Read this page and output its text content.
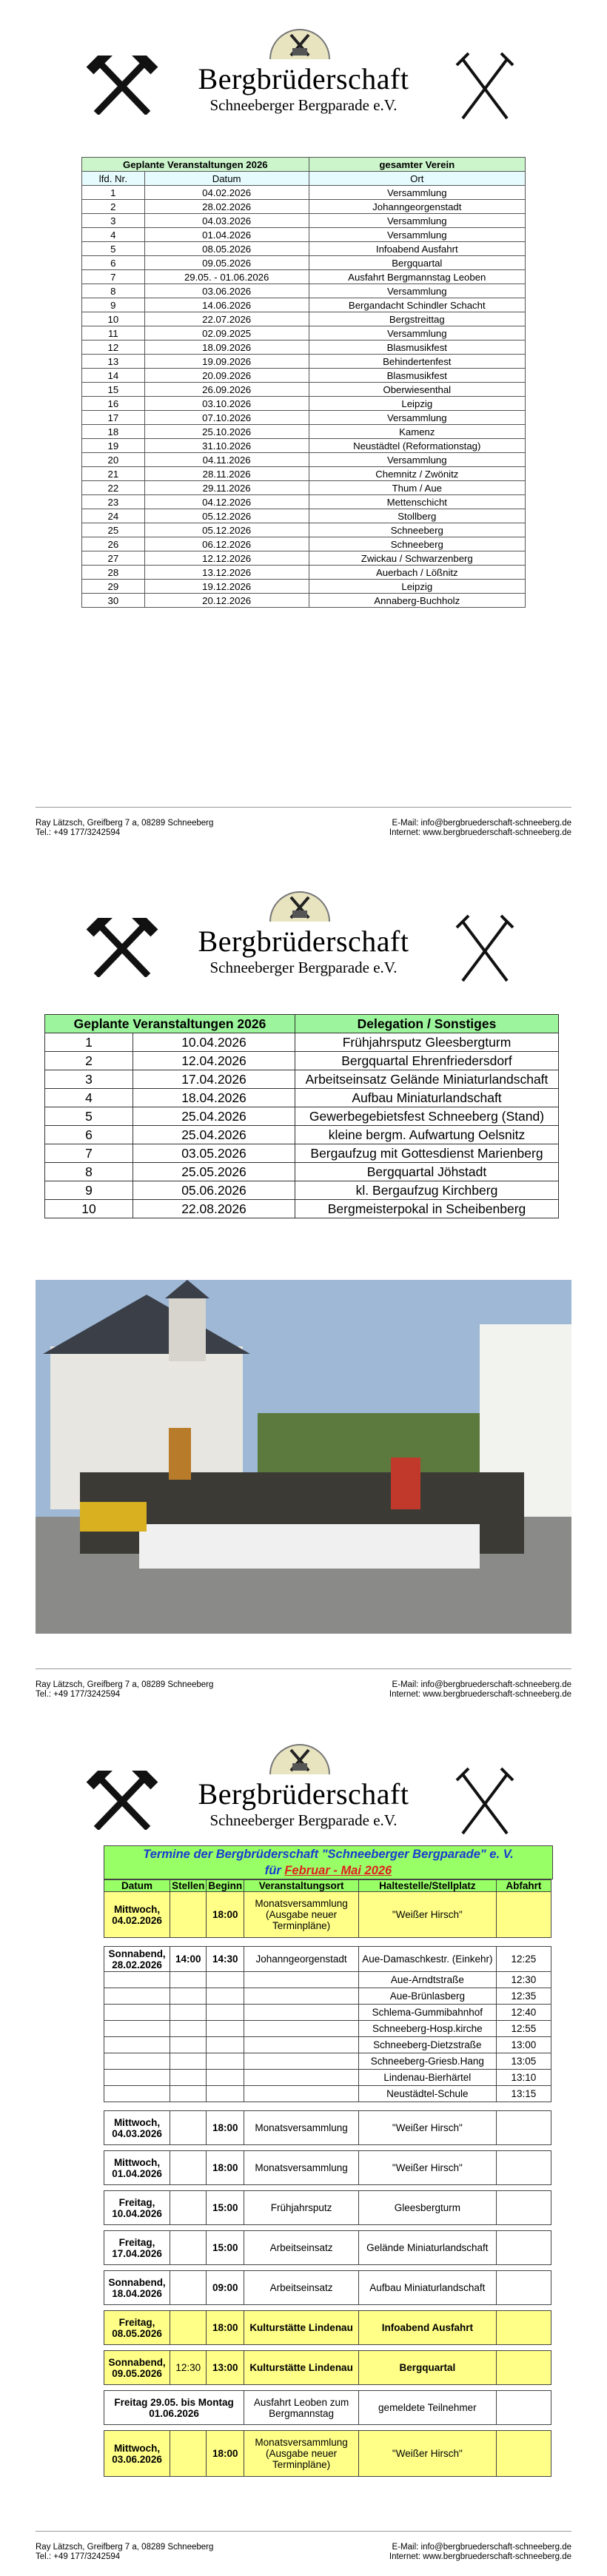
Bergbrüderschaft
Schneeberger Bergparade e.V.
Geplante Veranstaltungen 2026		gesamter Verein
lfd. Nr.	Datum	Ort
1	04.02.2026	Versammlung
2	28.02.2026	Johanngeorgenstadt
3	04.03.2026	Versammlung
4	01.04.2026	Versammlung
5	08.05.2026	Infoabend Ausfahrt
6	09.05.2026	Bergquartal
7	29.05. - 01.06.2026	Ausfahrt Bergmannstag Leoben
8	03.06.2026	Versammlung
9	14.06.2026	Bergandacht Schindler Schacht
10	22.07.2026	Bergstreittag
11	02.09.2025	Versammlung
12	18.09.2026	Blasmusikfest
13	19.09.2026	Behindertenfest
14	20.09.2026	Blasmusikfest
15	26.09.2026	Oberwiesenthal
16	03.10.2026	Leipzig
17	07.10.2026	Versammlung
18	25.10.2026	Kamenz
19	31.10.2026	Neustädtel (Reformationstag)
20	04.11.2026	Versammlung
21	28.11.2026	Chemnitz / Zwönitz
22	29.11.2026	Thum / Aue
23	04.12.2026	Mettenschicht
24	05.12.2026	Stollberg
25	05.12.2026	Schneeberg
26	06.12.2026	Schneeberg
27	12.12.2026	Zwickau / Schwarzenberg
28	13.12.2026	Auerbach / Lößnitz
29	19.12.2026	Leipzig
30	20.12.2026	Annaberg-Buchholz
Ray Lätzsch, Greifberg 7 a, 08289 Schneeberg
Tel.: +49 177/3242594
E-Mail: info@bergbruederschaft-schneeberg.de
Internet: www.bergbruederschaft-schneeberg.de
Bergbrüderschaft
Schneeberger Bergparade e.V.
Geplante Veranstaltungen 2026		Delegation / Sonstiges
1	10.04.2026	Frühjahrsputz Gleesbergturm
2	12.04.2026	Bergquartal Ehrenfriedersdorf
3	17.04.2026	Arbeitseinsatz Gelände Miniaturlandschaft
4	18.04.2026	Aufbau Miniaturlandschaft
5	25.04.2026	Gewerbegebietsfest Schneeberg (Stand)
6	25.04.2026	kleine bergm. Aufwartung Oelsnitz
7	03.05.2026	Bergaufzug mit Gottesdienst Marienberg
8	25.05.2026	Bergquartal Jöhstadt
9	05.06.2026	kl. Bergaufzug Kirchberg
10	22.08.2026	Bergmeisterpokal in Scheibenberg
Ray Lätzsch, Greifberg 7 a, 08289 Schneeberg
Tel.: +49 177/3242594
E-Mail: info@bergbruederschaft-schneeberg.de
Internet: www.bergbruederschaft-schneeberg.de
Bergbrüderschaft
Schneeberger Bergparade e.V.
Termine der Bergbrüderschaft "Schneeberger Bergparade" e. V.
für Februar - Mai 2026
Datum	Stellen	Beginn	Veranstaltungsort	Haltestelle/Stellplatz	Abfahrt
Mittwoch, 04.02.2026		18:00	Monatsversammlung (Ausgabe neuer Terminpläne)	"Weißer Hirsch"	

Sonnabend, 28.02.2026	14:00	14:30	Johanngeorgenstadt	Aue-Damaschkestr. (Einkehr)	12:25
				Aue-Arndtstraße	12:30
				Aue-Brünlasberg	12:35
				Schlema-Gummibahnhof	12:40
				Schneeberg-Hosp.kirche	12:55
				Schneeberg-Dietzstraße	13:00
				Schneeberg-Griesb.Hang	13:05
				Lindenau-Bierhärtel	13:10
				Neustädtel-Schule	13:15

Mittwoch, 04.03.2026		18:00	Monatsversammlung	"Weißer Hirsch"	

Mittwoch, 01.04.2026		18:00	Monatsversammlung	"Weißer Hirsch"	

Freitag, 10.04.2026		15:00	Frühjahrsputz	Gleesbergturm	

Freitag, 17.04.2026		15:00	Arbeitseinsatz	Gelände Miniaturlandschaft	

Sonnabend, 18.04.2026		09:00	Arbeitseinsatz	Aufbau Miniaturlandschaft	

Freitag, 08.05.2026		18:00	Kulturstätte Lindenau	Infoabend Ausfahrt	

Sonnabend, 09.05.2026	12:30	13:00	Kulturstätte Lindenau	Bergquartal	

Freitag 29.05. bis Montag 01.06.2026			Ausfahrt Leoben zum Bergmannstag	gemeldete Teilnehmer	

Mittwoch, 03.06.2026		18:00	Monatsversammlung (Ausgabe neuer Terminpläne)	"Weißer Hirsch"	
Ray Lätzsch, Greifberg 7 a, 08289 Schneeberg
Tel.: +49 177/3242594
E-Mail: info@bergbruederschaft-schneeberg.de
Internet: www.bergbruederschaft-schneeberg.de
